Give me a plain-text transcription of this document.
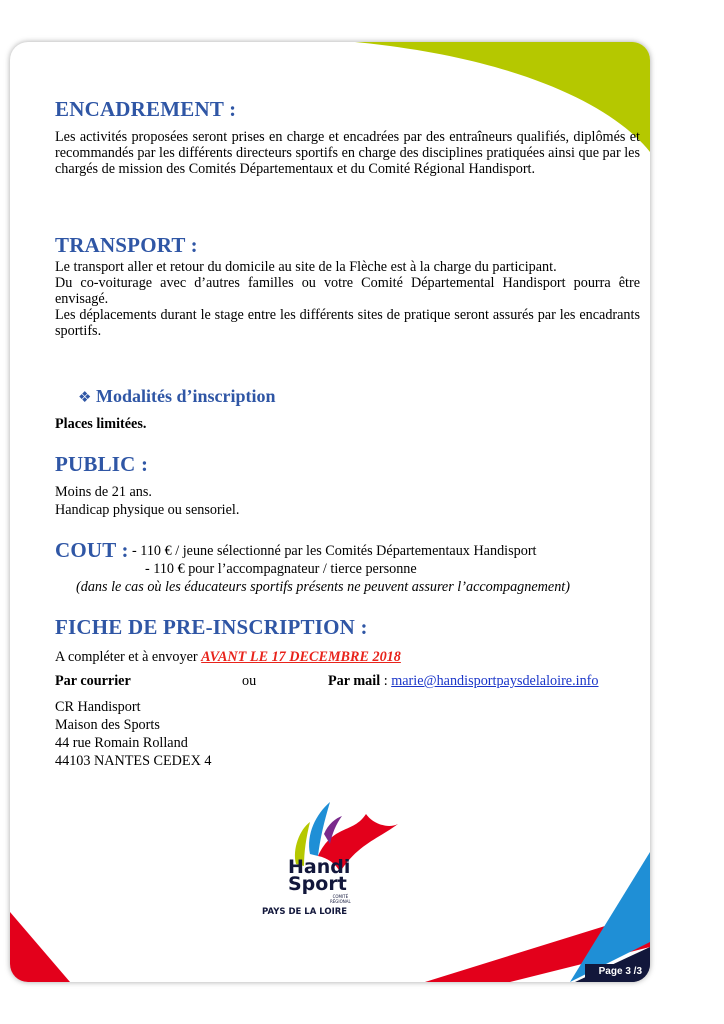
ENCADREMENT :
Les activités proposées seront prises en charge et encadrées par des entraîneurs qualifiés, diplômés et recommandés par les différents directeurs sportifs en charge des disciplines pratiquées ainsi que par les chargés de mission des Comités Départementaux et du Comité Régional Handisport.
TRANSPORT :
Le transport aller et retour du domicile au site de la Flèche est à la charge du participant.
Du co-voiturage avec d’autres familles ou votre Comité Départemental Handisport pourra être envisagé.
Les déplacements durant le stage entre les différents sites de pratique seront assurés par les encadrants sportifs.
❖ Modalités d’inscription
Places limitées.
PUBLIC :
Moins de 21 ans.
Handicap physique ou sensoriel.
COUT : - 110 € / jeune sélectionné par les Comités Départementaux Handisport
- 110 € pour l’accompagnateur / tierce personne
(dans le cas où les éducateurs sportifs présents ne peuvent assurer l’accompagnement)
FICHE DE PRE-INSCRIPTION :
A compléter et à envoyer AVANT LE 17 DECEMBRE 2018
Par courrier	ou	Par mail : marie@handisportpaysdelaloire.info
CR Handisport
Maison des Sports
44 rue Romain Rolland
44103 NANTES CEDEX 4
Handi
Sport
COMITÉ
RÉGIONAL
PAYS DE LA LOIRE
Page 3 /3
